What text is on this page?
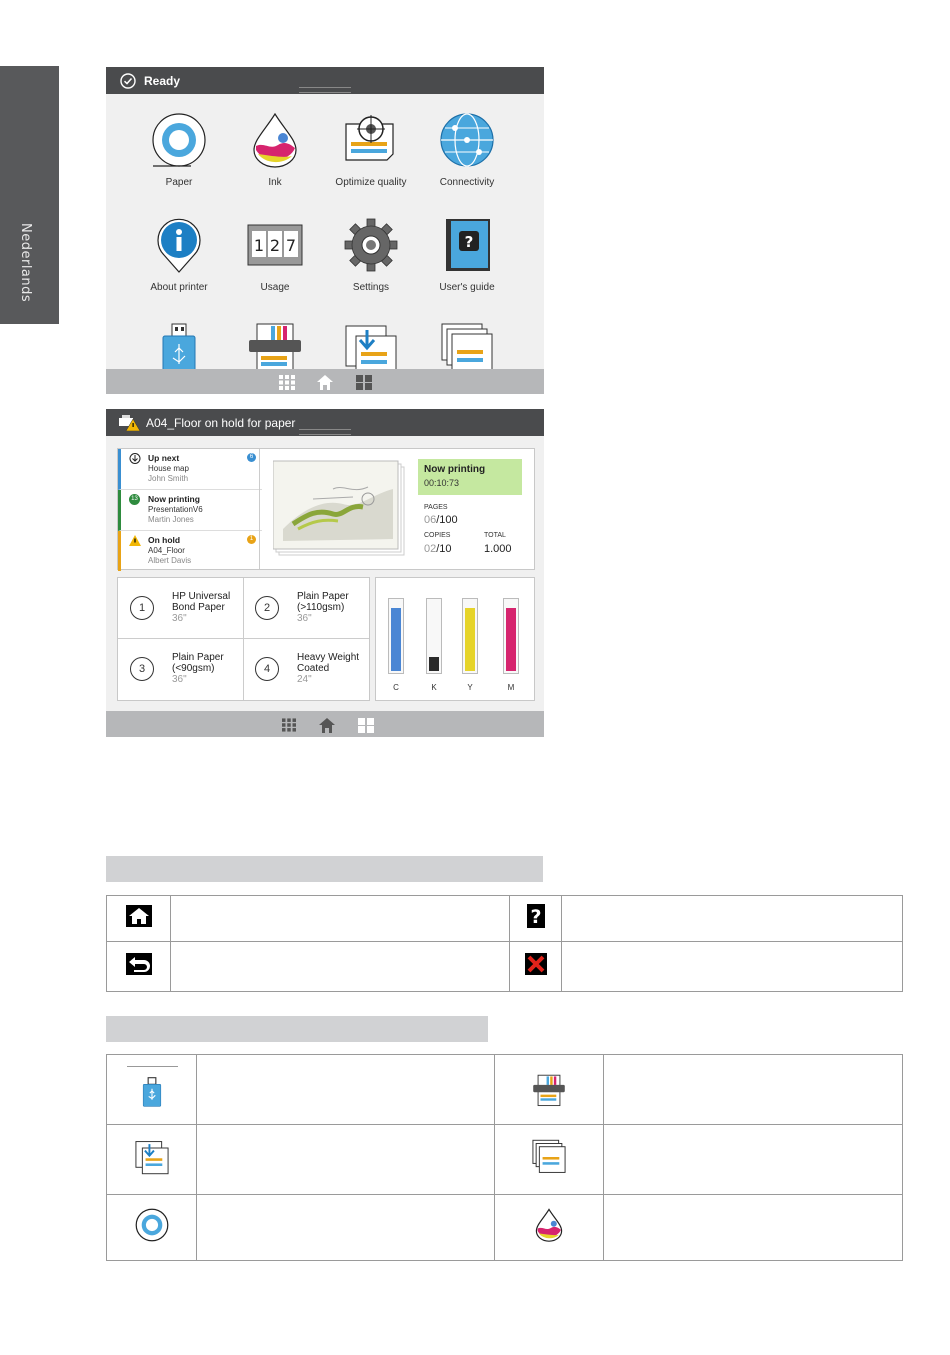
Nederlands
Ready
Paper	Ink	Optimize quality	Connectivity
About printer
1 2 7
Usage	Settings
?
User's guide
A04_Floor on hold for paper
Up next
House map
John Smith
6
13 Now printing
PresentationV6
Martin Jones
On hold
A04_Floor
Albert Davis
1
Now printing
00:10:73
PAGES
06/100
COPIES
02/10
TOTAL
1.000
1
HP Universal
Bond Paper
36"
2
Plain Paper
(>110gsm)
36"
3
Plain Paper
(<90gsm)
36"
4
Heavy Weight
Coated
24"
C	K	Y	M

?	
